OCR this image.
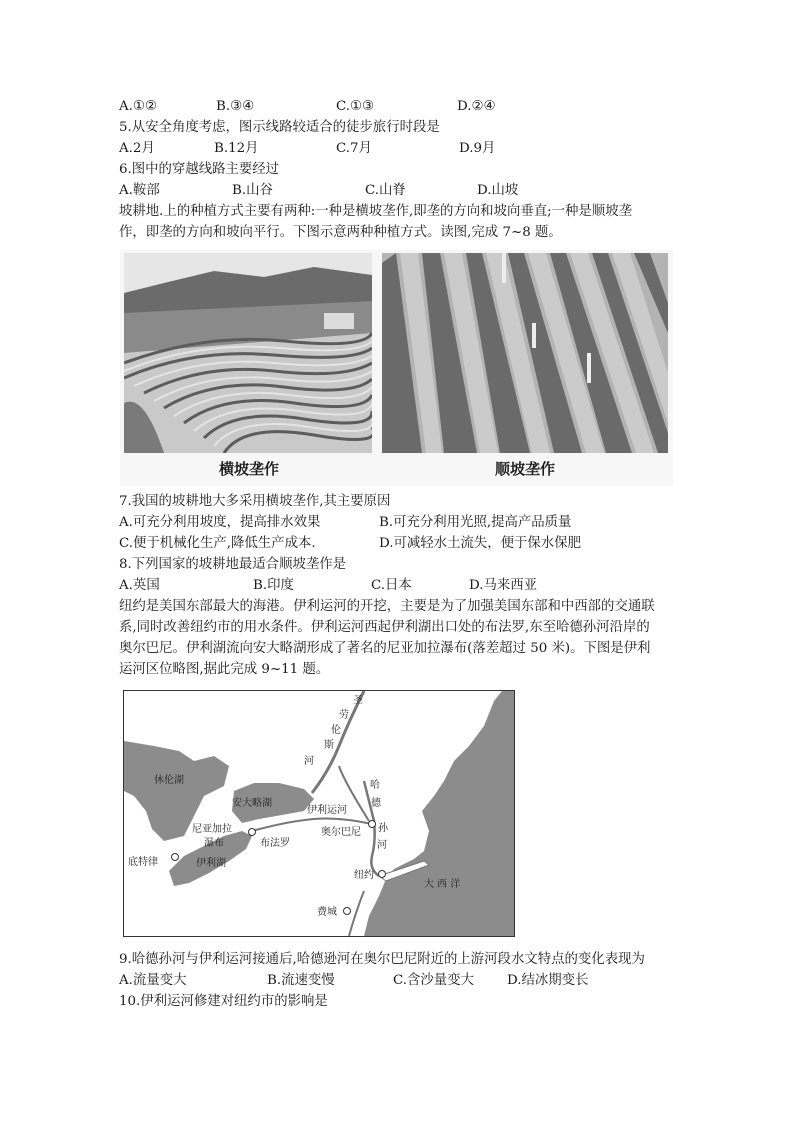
A.①②	B.③④	C.①③	D.②④
5.从安全角度考虑，图示线路较适合的徒步旅行时段是
A.2月	B.12月	C.7月	D.9月
6.图中的穿越线路主要经过
A.鞍部	B.山谷	C.山脊	D.山坡
坡耕地.上的种植方式主要有两种:一种是横坡垄作,即垄的方向和坡向垂直;一种是顺坡垄
作，即垄的方向和坡向平行。下图示意两种种植方式。读图,完成 7~8 题。
横坡垄作	顺坡垄作
7.我国的坡耕地大多采用横坡垄作,其主要原因
A.可充分利用坡度，提高排水效果	B.可充分利用光照,提高产品质量
C.便于机械化生产,降低生产成本.	D.可减轻水土流失，便于保水保肥
8.下列国家的坡耕地最适合顺坡垄作是
A.英国	B.印度	C.日本	D.马来西亚
纽约是美国东部最大的海港。伊利运河的开挖，主要是为了加强美国东部和中西部的交通联
系,同时改善纽约市的用水条件。伊利运河西起伊利湖出口处的布法罗,东至哈德孙河沿岸的
奥尔巴尼。伊利湖流向安大略湖形成了著名的尼亚加拉瀑布(落差超过 50 米)。下图是伊利
运河区位略图,据此完成 9~11 题。
圣
劳
伦
斯
河
休伦湖
安大略湖
伊利运河
哈
德
孙
河
尼亚加拉
瀑布	布法罗
奥尔巴尼
底特律	伊利湖
纽约
大 西 洋
费城
9.哈德孙河与伊利运河接通后,哈德逊河在奥尔巴尼附近的上游河段水文特点的变化表现为
A.流量变大	B.流速变慢	C.含沙量变大 D.结冰期变长
10.伊利运河修建对纽约市的影响是
